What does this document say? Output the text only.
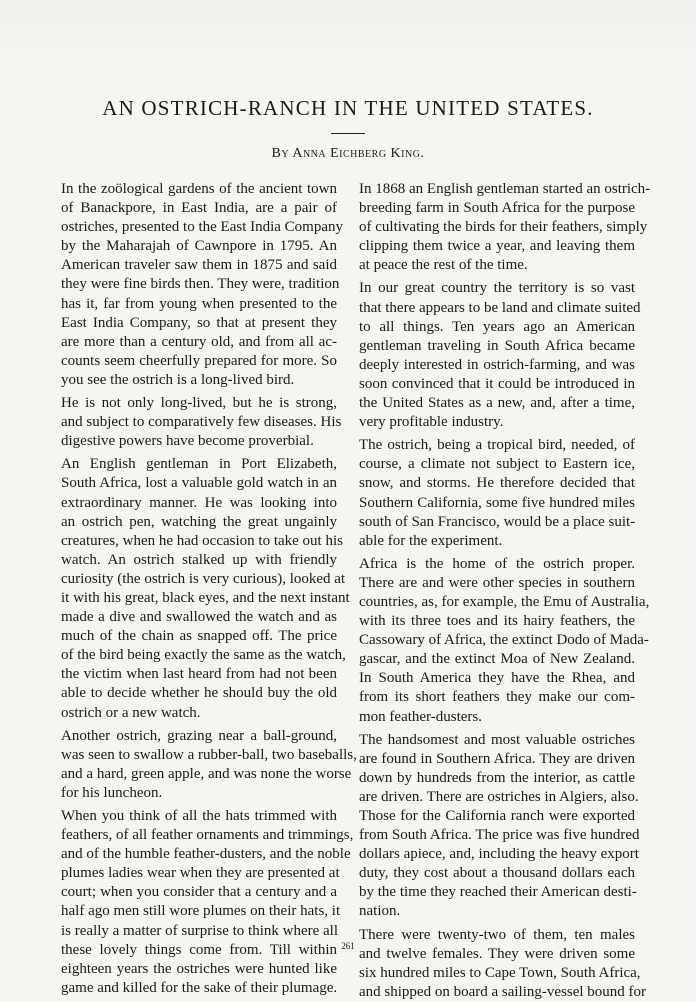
AN OSTRICH-RANCH IN THE UNITED STATES.
By Anna Eichberg King.

In the zoölogical gardens of the ancient town
of Banackpore, in East India, are a pair of
ostriches, presented to the East India Company
by the Maharajah of Cawnpore in 1795. An
American traveler saw them in 1875 and said
they were fine birds then. They were, tradition
has it, far from young when presented to the
East India Company, so that at present they
are more than a century old, and from all ac-
counts seem cheerfully prepared for more. So
you see the ostrich is a long-lived bird.

He is not only long-lived, but he is strong,
and subject to comparatively few diseases. His
digestive powers have become proverbial.

An English gentleman in Port Elizabeth,
South Africa, lost a valuable gold watch in an
extraordinary manner. He was looking into
an ostrich pen, watching the great ungainly
creatures, when he had occasion to take out his
watch. An ostrich stalked up with friendly
curiosity (the ostrich is very curious), looked at
it with his great, black eyes, and the next instant
made a dive and swallowed the watch and as
much of the chain as snapped off. The price
of the bird being exactly the same as the watch,
the victim when last heard from had not been
able to decide whether he should buy the old
ostrich or a new watch.

Another ostrich, grazing near a ball-ground,
was seen to swallow a rubber-ball, two baseballs,
and a hard, green apple, and was none the worse
for his luncheon.

When you think of all the hats trimmed with
feathers, of all feather ornaments and trimmings,
and of the humble feather-dusters, and the noble
plumes ladies wear when they are presented at
court; when you consider that a century and a
half ago men still wore plumes on their hats, it
is really a matter of surprise to think where all
these lovely things come from. Till within
eighteen years the ostriches were hunted like
game and killed for the sake of their plumage.

In 1868 an English gentleman started an ostrich-
breeding farm in South Africa for the purpose
of cultivating the birds for their feathers, simply
clipping them twice a year, and leaving them
at peace the rest of the time.

In our great country the territory is so vast
that there appears to be land and climate suited
to all things. Ten years ago an American
gentleman traveling in South Africa became
deeply interested in ostrich-farming, and was
soon convinced that it could be introduced in
the United States as a new, and, after a time,
very profitable industry.

The ostrich, being a tropical bird, needed, of
course, a climate not subject to Eastern ice,
snow, and storms. He therefore decided that
Southern California, some five hundred miles
south of San Francisco, would be a place suit-
able for the experiment.

Africa is the home of the ostrich proper.
There are and were other species in southern
countries, as, for example, the Emu of Australia,
with its three toes and its hairy feathers, the
Cassowary of Africa, the extinct Dodo of Mada-
gascar, and the extinct Moa of New Zealand.
In South America they have the Rhea, and
from its short feathers they make our com-
mon feather-dusters.

The handsomest and most valuable ostriches
are found in Southern Africa. They are driven
down by hundreds from the interior, as cattle
are driven. There are ostriches in Algiers, also.
Those for the California ranch were exported
from South Africa. The price was five hundred
dollars apiece, and, including the heavy export
duty, they cost about a thousand dollars each
by the time they reached their American desti-
nation.

There were twenty-two of them, ten males
and twelve females. They were driven some
six hundred miles to Cape Town, South Africa,
and shipped on board a sailing-vessel bound for

261
